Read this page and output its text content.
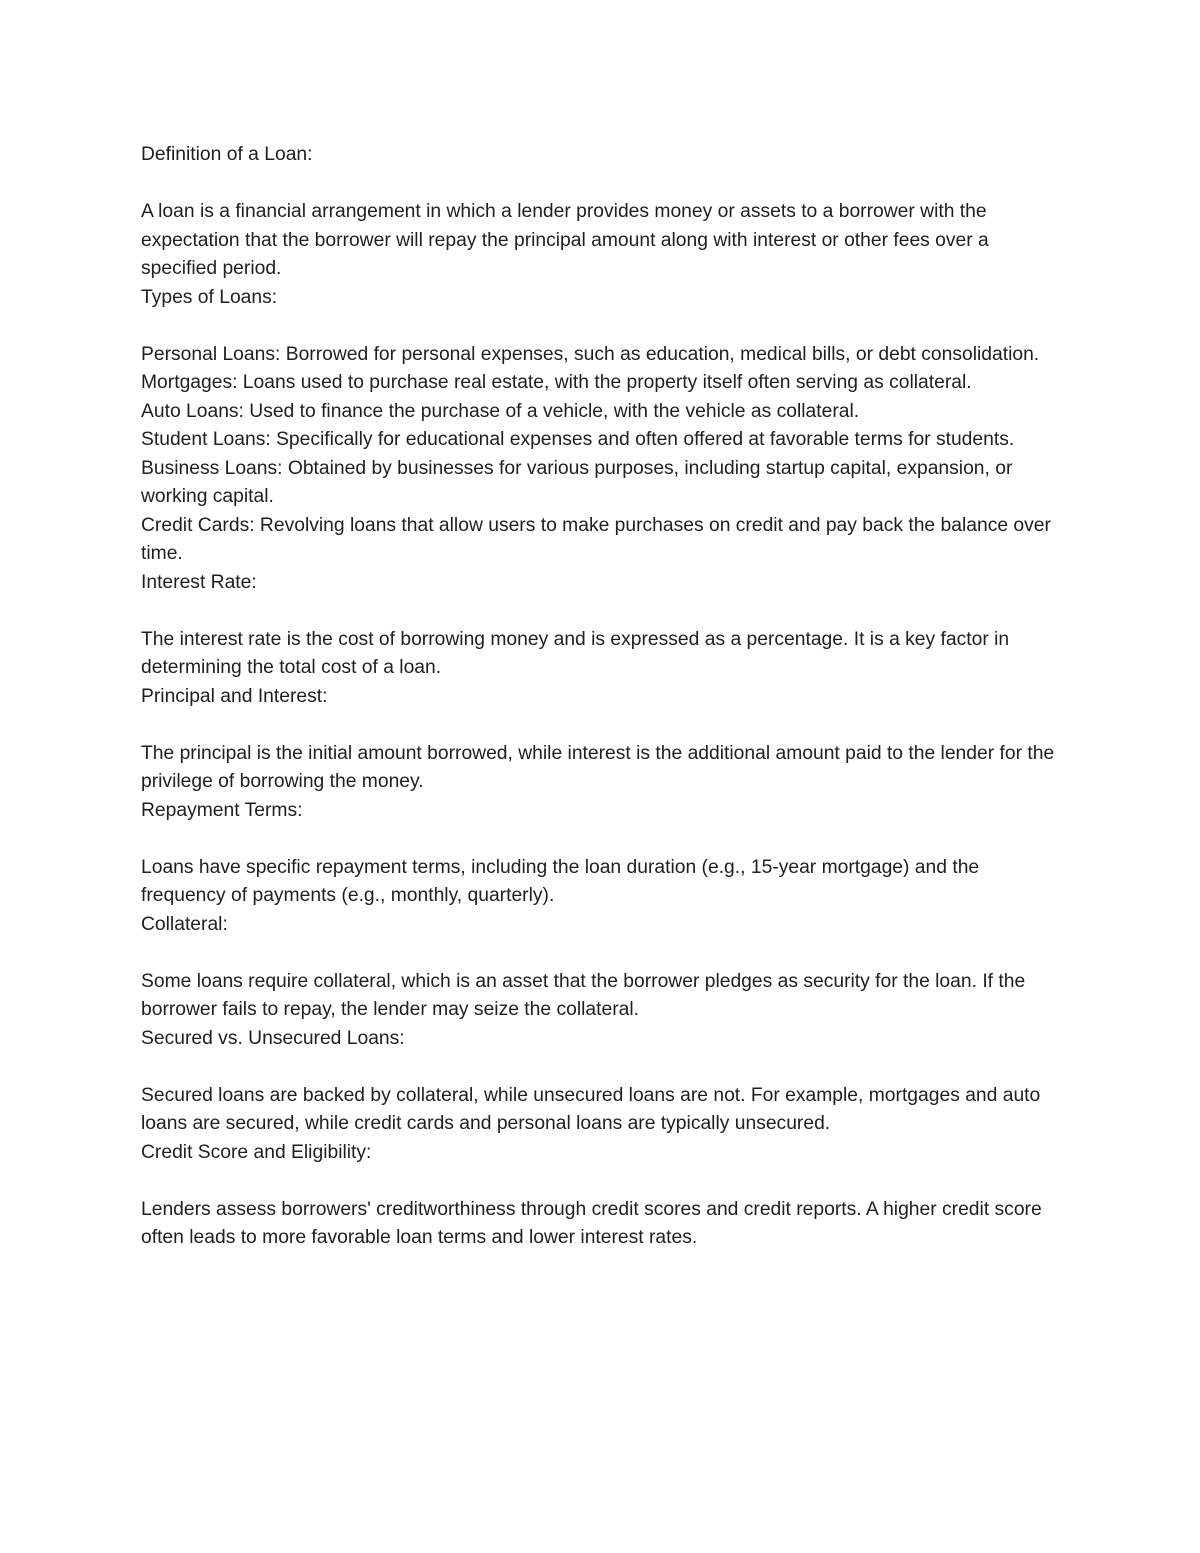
Definition of a Loan:

A loan is a financial arrangement in which a lender provides money or assets to a borrower with the expectation that the borrower will repay the principal amount along with interest or other fees over a specified period.

Types of Loans:

Personal Loans: Borrowed for personal expenses, such as education, medical bills, or debt consolidation.

Mortgages: Loans used to purchase real estate, with the property itself often serving as collateral.

Auto Loans: Used to finance the purchase of a vehicle, with the vehicle as collateral.

Student Loans: Specifically for educational expenses and often offered at favorable terms for students.

Business Loans: Obtained by businesses for various purposes, including startup capital, expansion, or working capital.

Credit Cards: Revolving loans that allow users to make purchases on credit and pay back the balance over time.

Interest Rate:

The interest rate is the cost of borrowing money and is expressed as a percentage. It is a key factor in determining the total cost of a loan.

Principal and Interest:

The principal is the initial amount borrowed, while interest is the additional amount paid to the lender for the privilege of borrowing the money.

Repayment Terms:

Loans have specific repayment terms, including the loan duration (e.g., 15-year mortgage) and the frequency of payments (e.g., monthly, quarterly).

Collateral:

Some loans require collateral, which is an asset that the borrower pledges as security for the loan. If the borrower fails to repay, the lender may seize the collateral.

Secured vs. Unsecured Loans:

Secured loans are backed by collateral, while unsecured loans are not. For example, mortgages and auto loans are secured, while credit cards and personal loans are typically unsecured.

Credit Score and Eligibility:

Lenders assess borrowers' creditworthiness through credit scores and credit reports. A higher credit score often leads to more favorable loan terms and lower interest rates.
